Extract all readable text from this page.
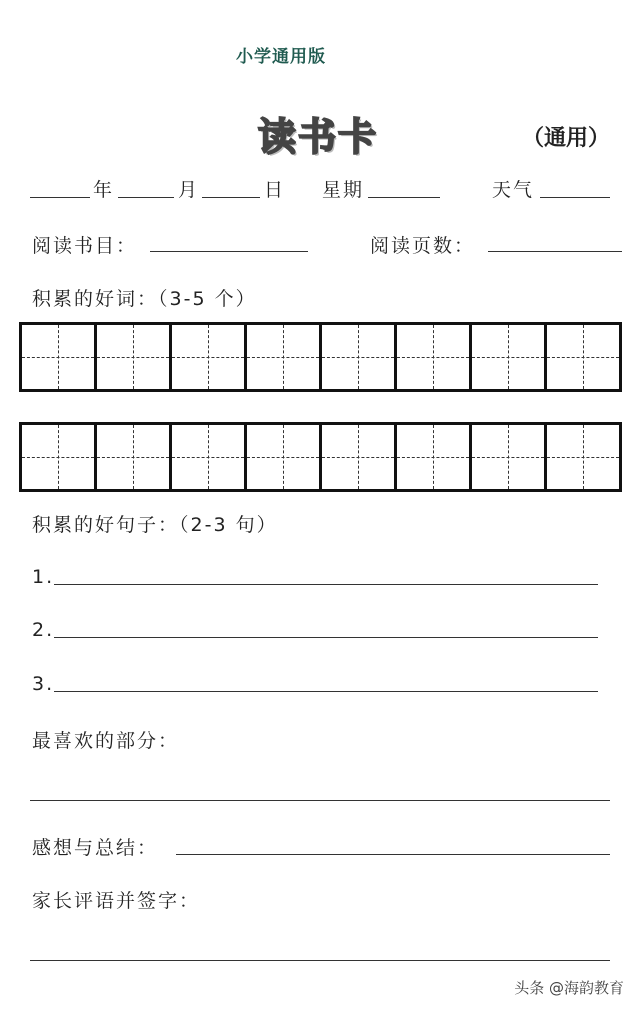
小学通用版
读书卡	（通用）
年	月	日 星期	天气
阅读书目：	阅读页数：
积累的好词：（3-5 个）
积累的好句子：（2-3 句）
1.
2.
3.
最喜欢的部分：
感想与总结：
家长评语并签字：
头条 @海韵教育
